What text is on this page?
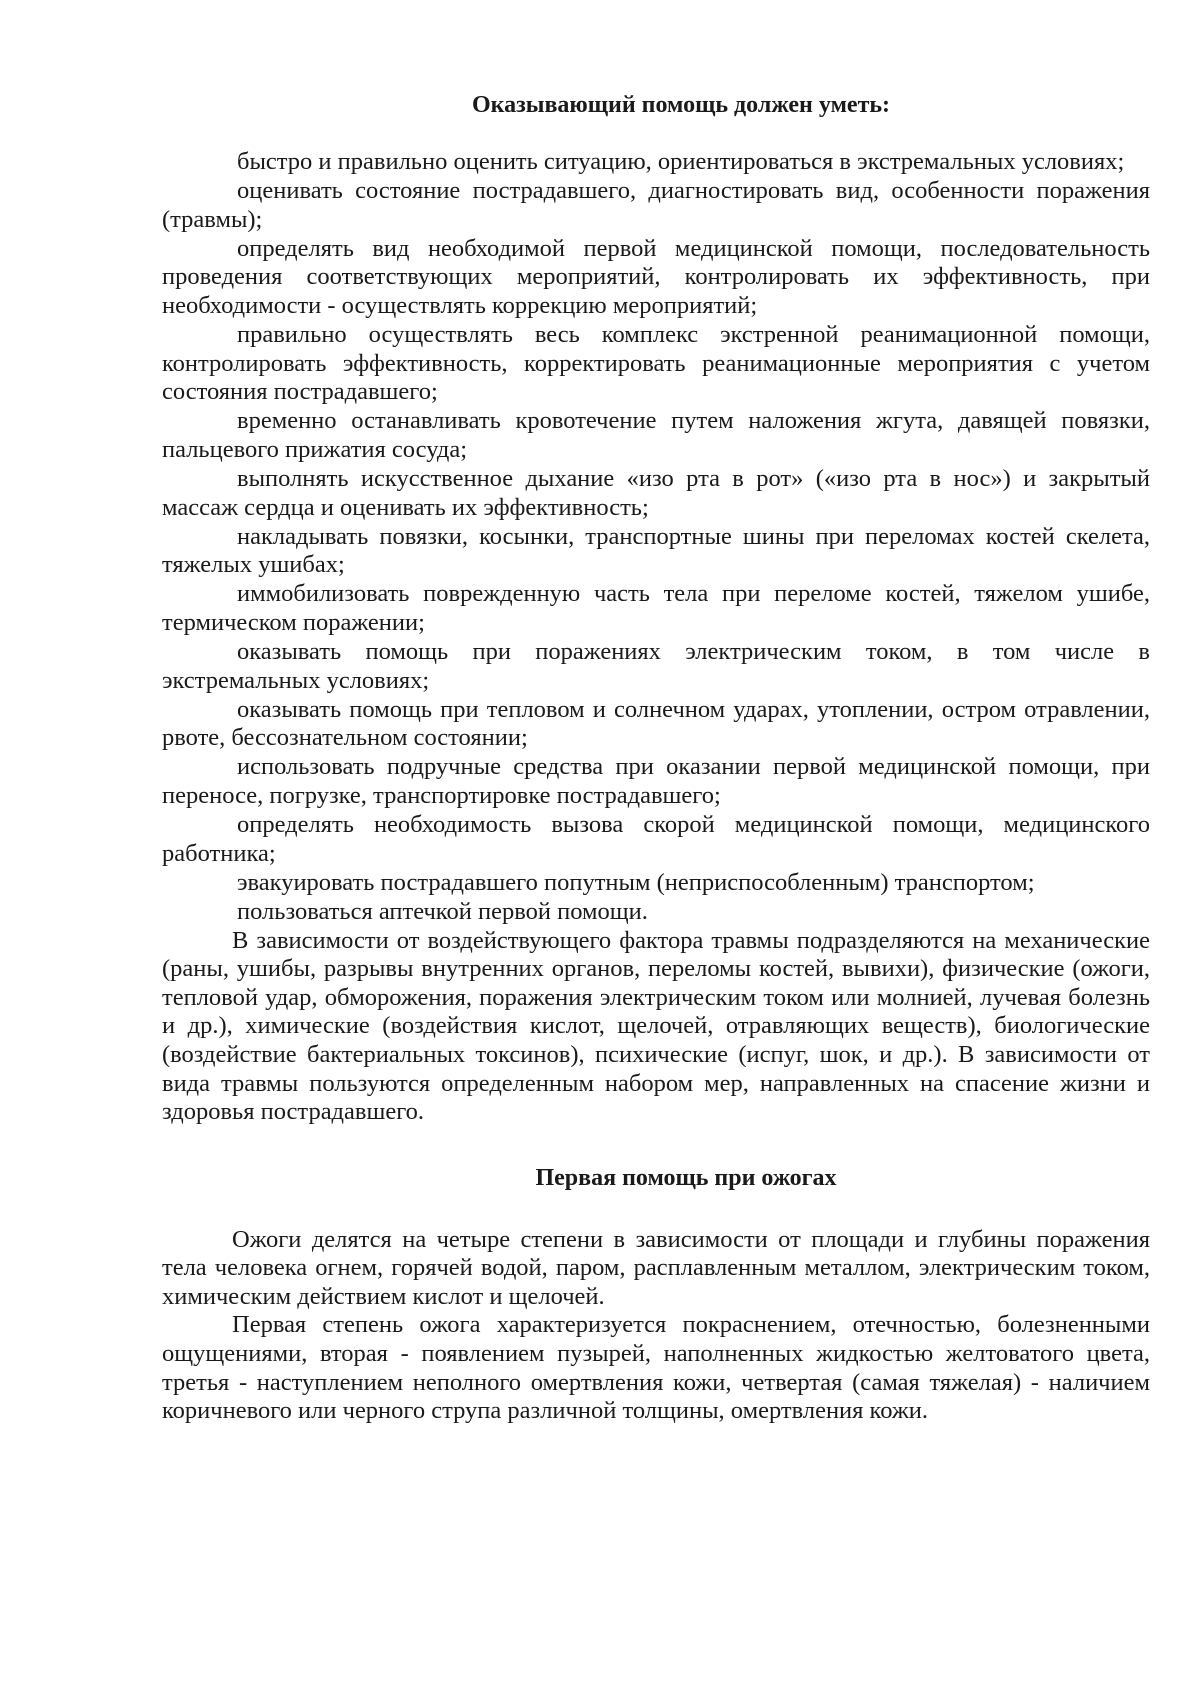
Оказывающий помощь должен уметь:

быстро и правильно оценить ситуацию, ориентироваться в экстремальных условиях;

оценивать состояние пострадавшего, диагностировать вид, особенности поражения (травмы);

определять вид необходимой первой медицинской помощи, последовательность проведения соответствующих мероприятий, контролировать их эффективность, при необходимости - осуществлять коррекцию мероприятий;

правильно осуществлять весь комплекс экстренной реанимационной помощи, контролировать эффективность, корректировать реанимационные мероприятия с учетом состояния пострадавшего;

временно останавливать кровотечение путем наложения жгута, давящей повязки, пальцевого прижатия сосуда;

выполнять искусственное дыхание «изо рта в рот» («изо рта в нос») и закрытый массаж сердца и оценивать их эффективность;

накладывать повязки, косынки, транспортные шины при переломах костей скелета, тяжелых ушибах;

иммобилизовать поврежденную часть тела при переломе костей, тяжелом ушибе, термическом поражении;

оказывать помощь при поражениях электрическим током, в том числе в экстремальных условиях;

оказывать помощь при тепловом и солнечном ударах, утоплении, остром отравлении, рвоте, бессознательном состоянии;

использовать подручные средства при оказании первой медицинской помощи, при переносе, погрузке, транспортировке пострадавшего;

определять необходимость вызова скорой медицинской помощи, медицинского работника;

эвакуировать пострадавшего попутным (неприспособленным) транспортом;

пользоваться аптечкой первой помощи.

В зависимости от воздействующего фактора травмы подразделяются на механические (раны, ушибы, разрывы внутренних органов, переломы костей, вывихи), физические (ожоги, тепловой удар, обморожения, поражения электрическим током или молнией, лучевая болезнь и др.), химические (воздействия кислот, щелочей, отравляющих веществ), биологические (воздействие бактериальных токсинов), психические (испуг, шок, и др.). В зависимости от вида травмы пользуются определенным набором мер, направленных на спасение жизни и здоровья пострадавшего.

Первая помощь при ожогах

Ожоги делятся на четыре степени в зависимости от площади и глубины поражения тела человека огнем, горячей водой, паром, расплавленным металлом, электрическим током, химическим действием кислот и щелочей.

Первая степень ожога характеризуется покраснением, отечностью, болезненными ощущениями, вторая - появлением пузырей, наполненных жидкостью желтоватого цвета, третья - наступлением неполного омертвления кожи, четвертая (самая тяжелая) - наличием коричневого или черного струпа различной толщины, омертвления кожи.
